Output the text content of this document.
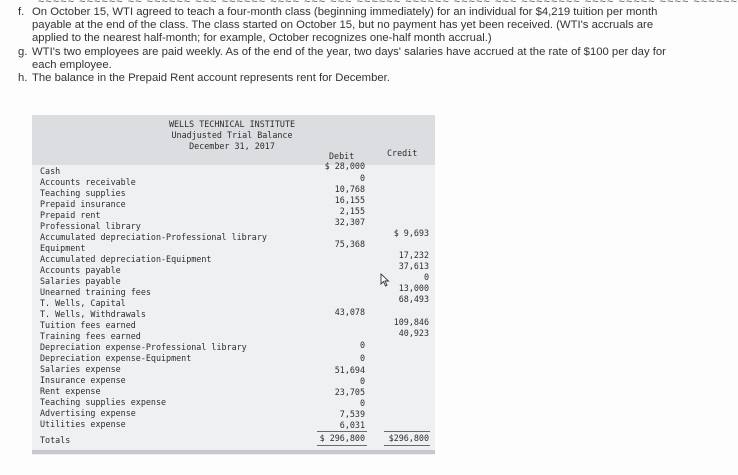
~~~~~ ~~~~~~ ~~ ~~~~~~ ~~~ ~~~~~~ ~~~~ ~~~ ~~~ ~~~~~~ ~~~~~~ ~~~~~ ~~~ ~~~~~~~~ ~~~~ ~~~~~ ~~~~ ~~~~~~
f. On October 15, WTI agreed to teach a four-month class (beginning immediately) for an individual for $4,219 tuition per month payable at the end of the class. The class started on October 15, but no payment has yet been received. (WTI's accruals are applied to the nearest half-month; for example, October recognizes one-half month accrual.)
g. WTI's two employees are paid weekly. As of the end of the year, two days' salaries have accrued at the rate of $100 per day for each employee.
h. The balance in the Prepaid Rent account represents rent for December.
WELLS TECHNICAL INSTITUTE
Unadjusted Trial Balance
December 31, 2017
Debit	Credit
Cash
Accounts receivable
Teaching supplies
Prepaid insurance
Prepaid rent
Professional library
Accumulated depreciation-Professional library
Equipment
Accumulated depreciation-Equipment
Accounts payable
Salaries payable
Unearned training fees
T. Wells, Capital
T. Wells, Withdrawals
Tuition fees earned
Training fees earned
Depreciation expense-Professional library
Depreciation expense-Equipment
Salaries expense
Insurance expense
Rent expense
Teaching supplies expense
Advertising expense
Utilities expense
Totals
$ 28,000
0
10,768
16,155
2,155
32,307
75,368
43,078
0
0
51,694
0
23,705
0
7,539
6,031
$ 9,693
17,232
37,613
0
13,000
68,493
109,846
40,923
$ 296,800	$296,800
